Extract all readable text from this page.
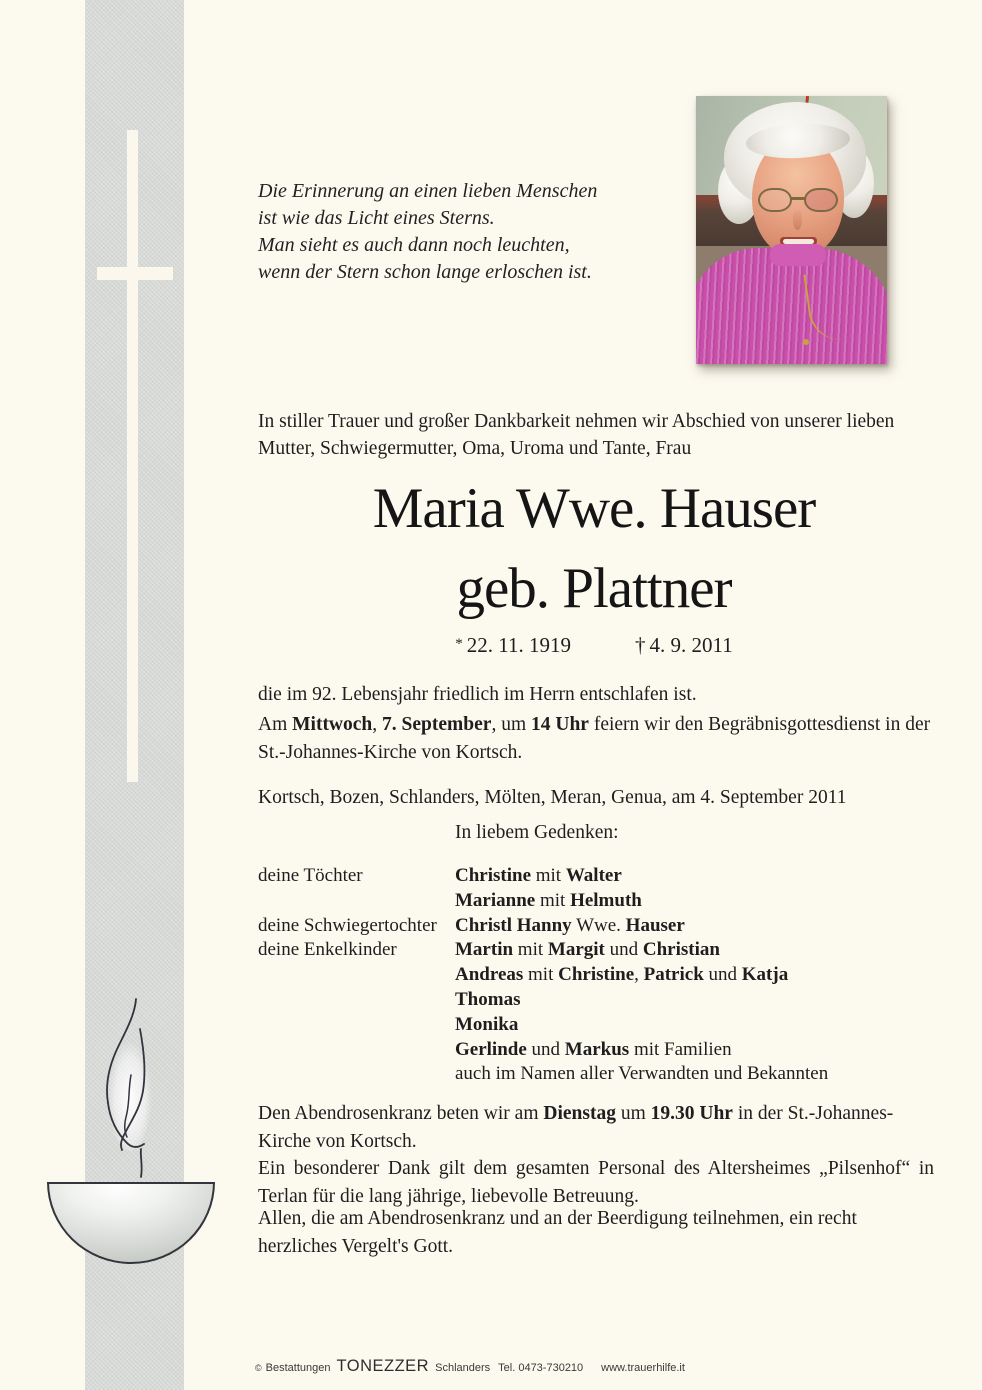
Die Erinnerung an einen lieben Menschen
ist wie das Licht eines Sterns.
Man sieht es auch dann noch leuchten,
wenn der Stern schon lange erloschen ist.

In stiller Trauer und großer Dankbarkeit nehmen wir Abschied von unserer lieben Mutter, Schwiegermutter, Oma, Uroma und Tante, Frau

Maria Wwe. Hauser
geb. Plattner
* 22. 11. 1919	† 4. 9. 2011

die im 92. Lebensjahr friedlich im Herrn entschlafen ist.

Am Mittwoch, 7. September, um 14 Uhr feiern wir den Begräbnisgottesdienst in der St.-Johannes-Kirche von Kortsch.

Kortsch, Bozen, Schlanders, Mölten, Meran, Genua, am 4. September 2011

In liebem Gedenken:
deine Töchter	Christine mit Walter
Marianne mit Helmuth
deine Schwiegertochter Christl Hanny Wwe. Hauser
deine Enkelkinder	Martin mit Margit und Christian
Andreas mit Christine, Patrick und Katja
Thomas
Monika
Gerlinde und Markus mit Familien
auch im Namen aller Verwandten und Bekannten

Den Abendrosenkranz beten wir am Dienstag um 19.30 Uhr in der St.-Johannes-Kirche von Kortsch.

Ein besonderer Dank gilt dem gesamten Personal des Altersheimes „Pilsenhof“ in Terlan für die lang jährige, liebevolle Betreuung.

Allen, die am Abendrosenkranz und an der Beerdigung teilnehmen, ein recht herzliches Vergelt's Gott.

© Bestattungen TONEZZER Schlanders Tel. 0473-730210 www.trauerhilfe.it
